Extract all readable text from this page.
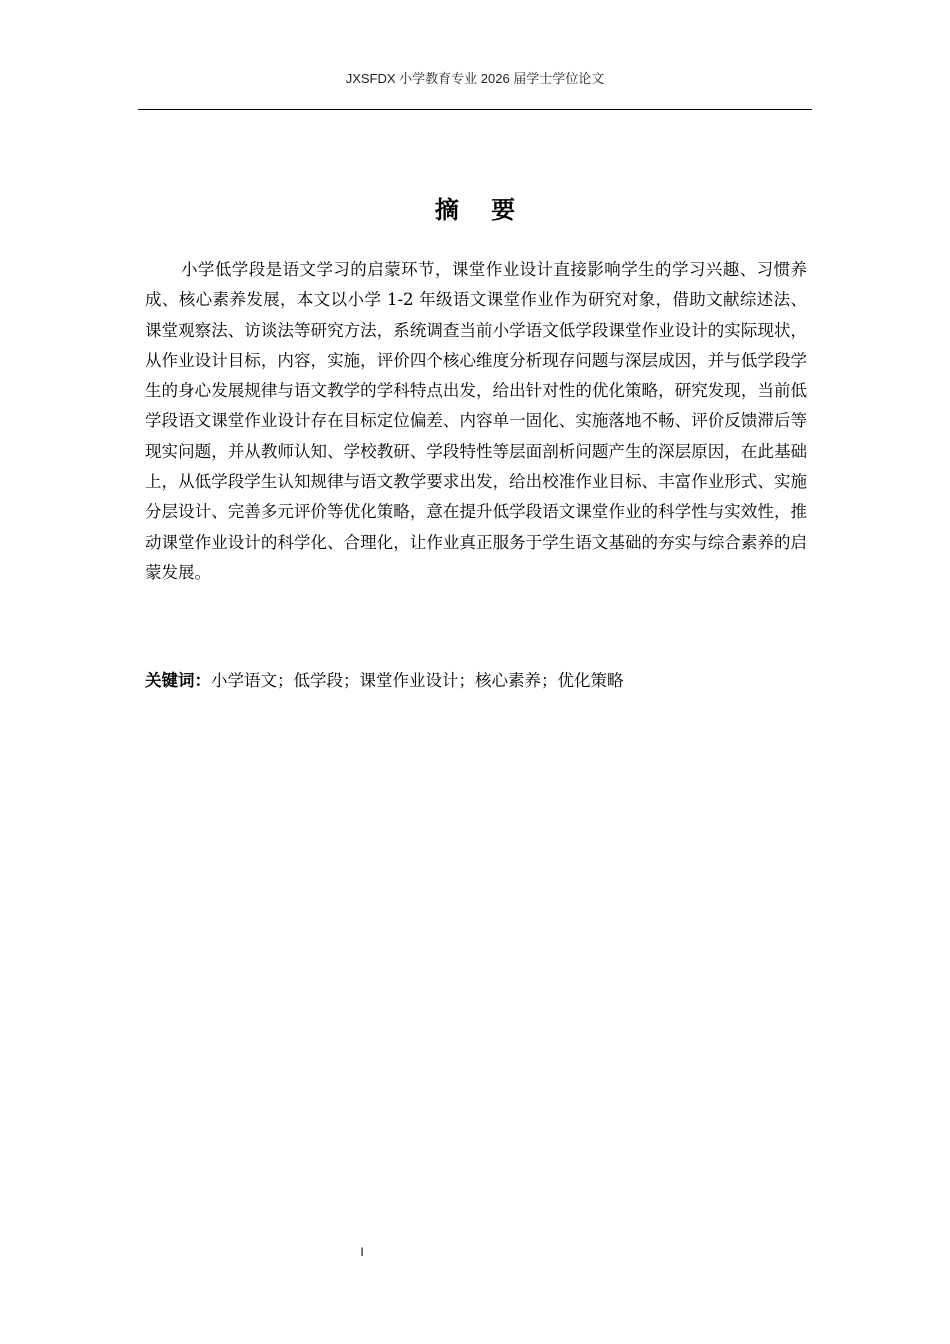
JXSFDX 小学教育专业 2026 届学士学位论文
摘 要

小学低学段是语文学习的启蒙环节，课堂作业设计直接影响学生的学习兴趣、习惯养成、核心素养发展，本文以小学 1-2 年级语文课堂作业作为研究对象，借助文献综述法、课堂观察法、访谈法等研究方法，系统调查当前小学语文低学段课堂作业设计的实际现状，从作业设计目标，内容，实施，评价四个核心维度分析现存问题与深层成因，并与低学段学生的身心发展规律与语文教学的学科特点出发，给出针对性的优化策略，研究发现，当前低学段语文课堂作业设计存在目标定位偏差、内容单一固化、实施落地不畅、评价反馈滞后等现实问题，并从教师认知、学校教研、学段特性等层面剖析问题产生的深层原因，在此基础上，从低学段学生认知规律与语文教学要求出发，给出校准作业目标、丰富作业形式、实施分层设计、完善多元评价等优化策略，意在提升低学段语文课堂作业的科学性与实效性，推动课堂作业设计的科学化、合理化，让作业真正服务于学生语文基础的夯实与综合素养的启蒙发展。

关键词：小学语文；低学段；课堂作业设计；核心素养；优化策略
I
